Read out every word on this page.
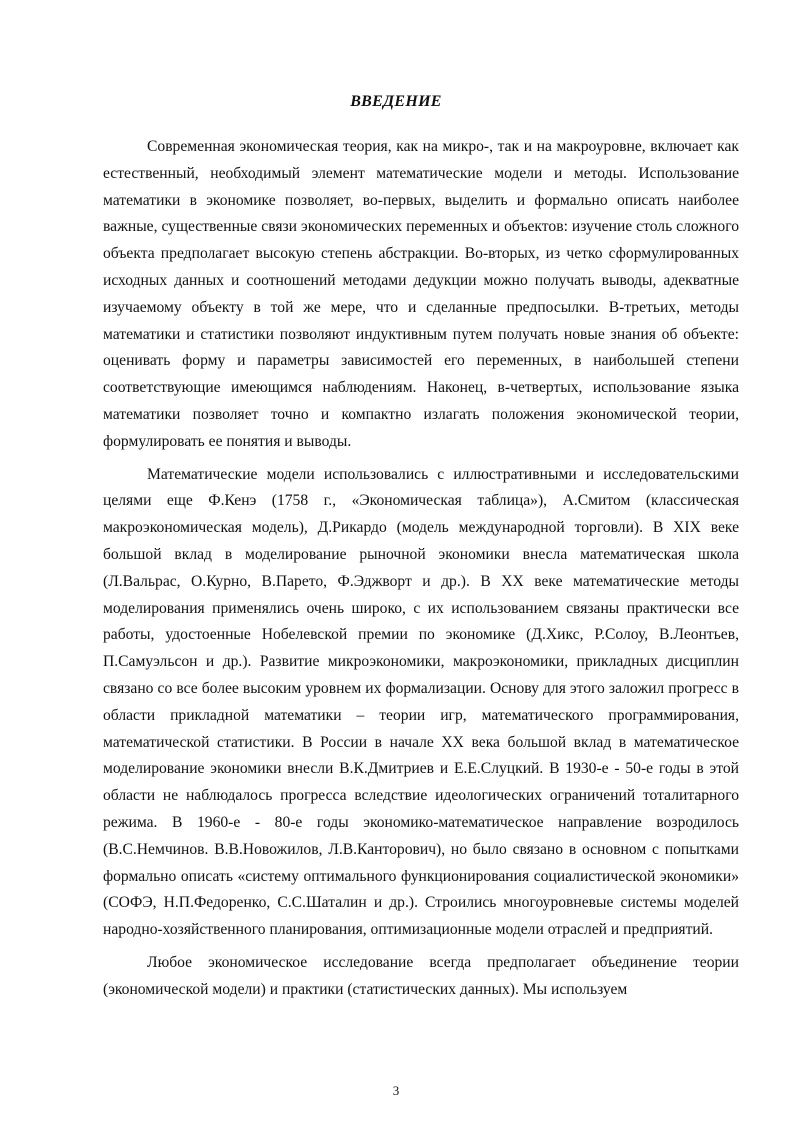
ВВЕДЕНИЕ

Современная экономическая теория, как на микро-, так и на макроуровне, включает как естественный, необходимый элемент математические модели и методы. Использование математики в экономике позволяет, во-первых, выделить и формально описать наиболее важные, существенные связи экономических переменных и объектов: изучение столь сложного объекта предполагает высокую степень абстракции. Во-вторых, из четко сформулированных исходных данных и соотношений методами дедукции можно получать выводы, адекватные изучаемому объекту в той же мере, что и сделанные предпосылки. В-третьих, методы математики и статистики позволяют индуктивным путем получать новые знания об объекте: оценивать форму и параметры зависимостей его переменных, в наибольшей степени соответствующие имеющимся наблюдениям. Наконец, в-четвертых, использование языка математики позволяет точно и компактно излагать положения экономической теории, формулировать ее понятия и выводы.

Математические модели использовались с иллюстративными и исследовательскими целями еще Ф.Кенэ (1758 г., «Экономическая таблица»), А.Смитом (классическая макроэкономическая модель), Д.Рикардо (модель международной торговли). В XIX веке большой вклад в моделирование рыночной экономики внесла математическая школа (Л.Вальрас, О.Курно, В.Парето, Ф.Эджворт и др.). В XX веке математические методы моделирования применялись очень широко, с их использованием связаны практически все работы, удостоенные Нобелевской премии по экономике (Д.Хикс, Р.Солоу, В.Леонтьев, П.Самуэльсон и др.). Развитие микроэкономики, макроэкономики, прикладных дисциплин связано со все более высоким уровнем их формализации. Основу для этого заложил прогресс в области прикладной математики – теории игр, математического программирования, математической статистики. В России в начале XX века большой вклад в математическое моделирование экономики внесли В.К.Дмитриев и Е.Е.Слуцкий. В 1930-е - 50-е годы в этой области не наблюдалось прогресса вследствие идеологических ограничений тоталитарного режима. В 1960-е - 80-е годы экономико-математическое направление возродилось (В.С.Немчинов. В.В.Новожилов, Л.В.Канторович), но было связано в основном с попытками формально описать «систему оптимального функционирования социалистической экономики» (СОФЭ, Н.П.Федоренко, С.С.Шаталин и др.). Строились многоуровневые системы моделей народно-хозяйственного планирования, оптимизационные модели отраслей и предприятий.

Любое экономическое исследование всегда предполагает объединение теории (экономической модели) и практики (статистических данных). Мы используем

3
